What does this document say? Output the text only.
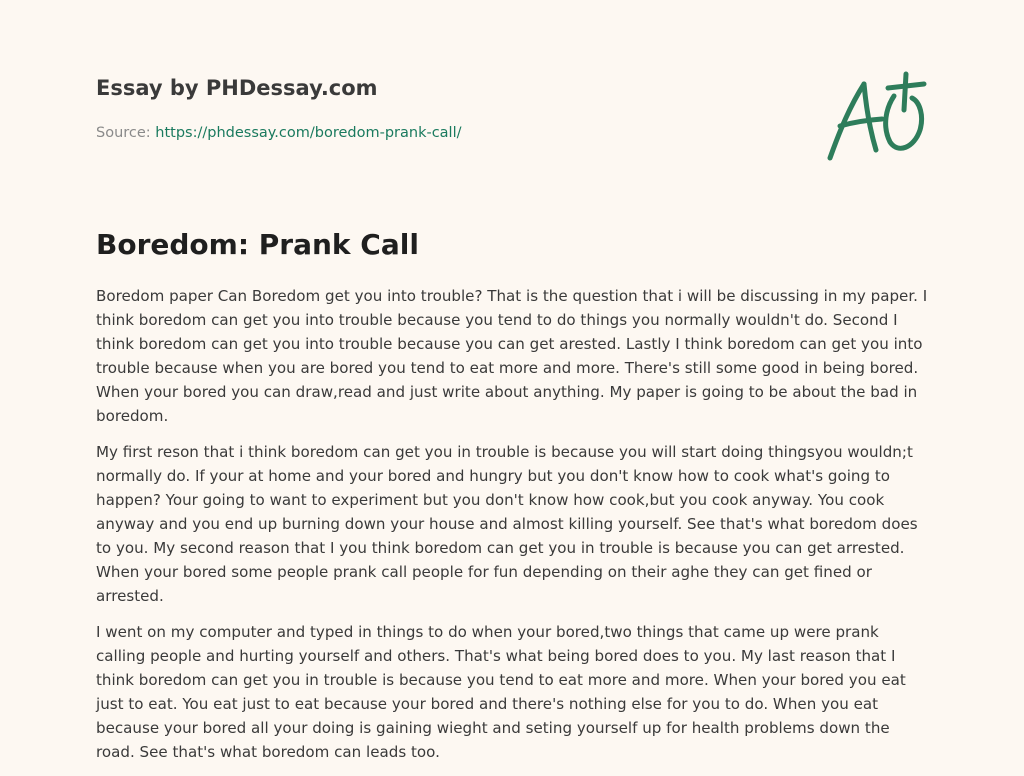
Essay by PHDessay.com
Source: https://phdessay.com/boredom-prank-call/
Boredom: Prank Call

Boredom paper Can Boredom get you into trouble? That is the question that i will be discussing in my paper. I think boredom can get you into trouble because you tend to do things you normally wouldn't do. Second I think boredom can get you into trouble because you can get arested. Lastly I think boredom can get you into trouble because when you are bored you tend to eat more and more. There's still some good in being bored. When your bored you can draw,read and just write about anything. My paper is going to be about the bad in boredom.

My first reson that i think boredom can get you in trouble is because you will start doing thingsyou wouldn;t normally do. If your at home and your bored and hungry but you don't know how to cook what's going to happen? Your going to want to experiment but you don't know how cook,but you cook anyway. You cook anyway and you end up burning down your house and almost killing yourself. See that's what boredom does to you. My second reason that I you think boredom can get you in trouble is because you can get arrested. When your bored some people prank call people for fun depending on their aghe they can get fined or arrested.

I went on my computer and typed in things to do when your bored,two things that came up were prank calling people and hurting yourself and others. That's what being bored does to you. My last reason that I think boredom can get you in trouble is because you tend to eat more and more. When your bored you eat just to eat. You eat just to eat because your bored and there's nothing else for you to do. When you eat because your bored all your doing is gaining wieght and seting yourself up for health problems down the road. See that's what boredom can leads too.
